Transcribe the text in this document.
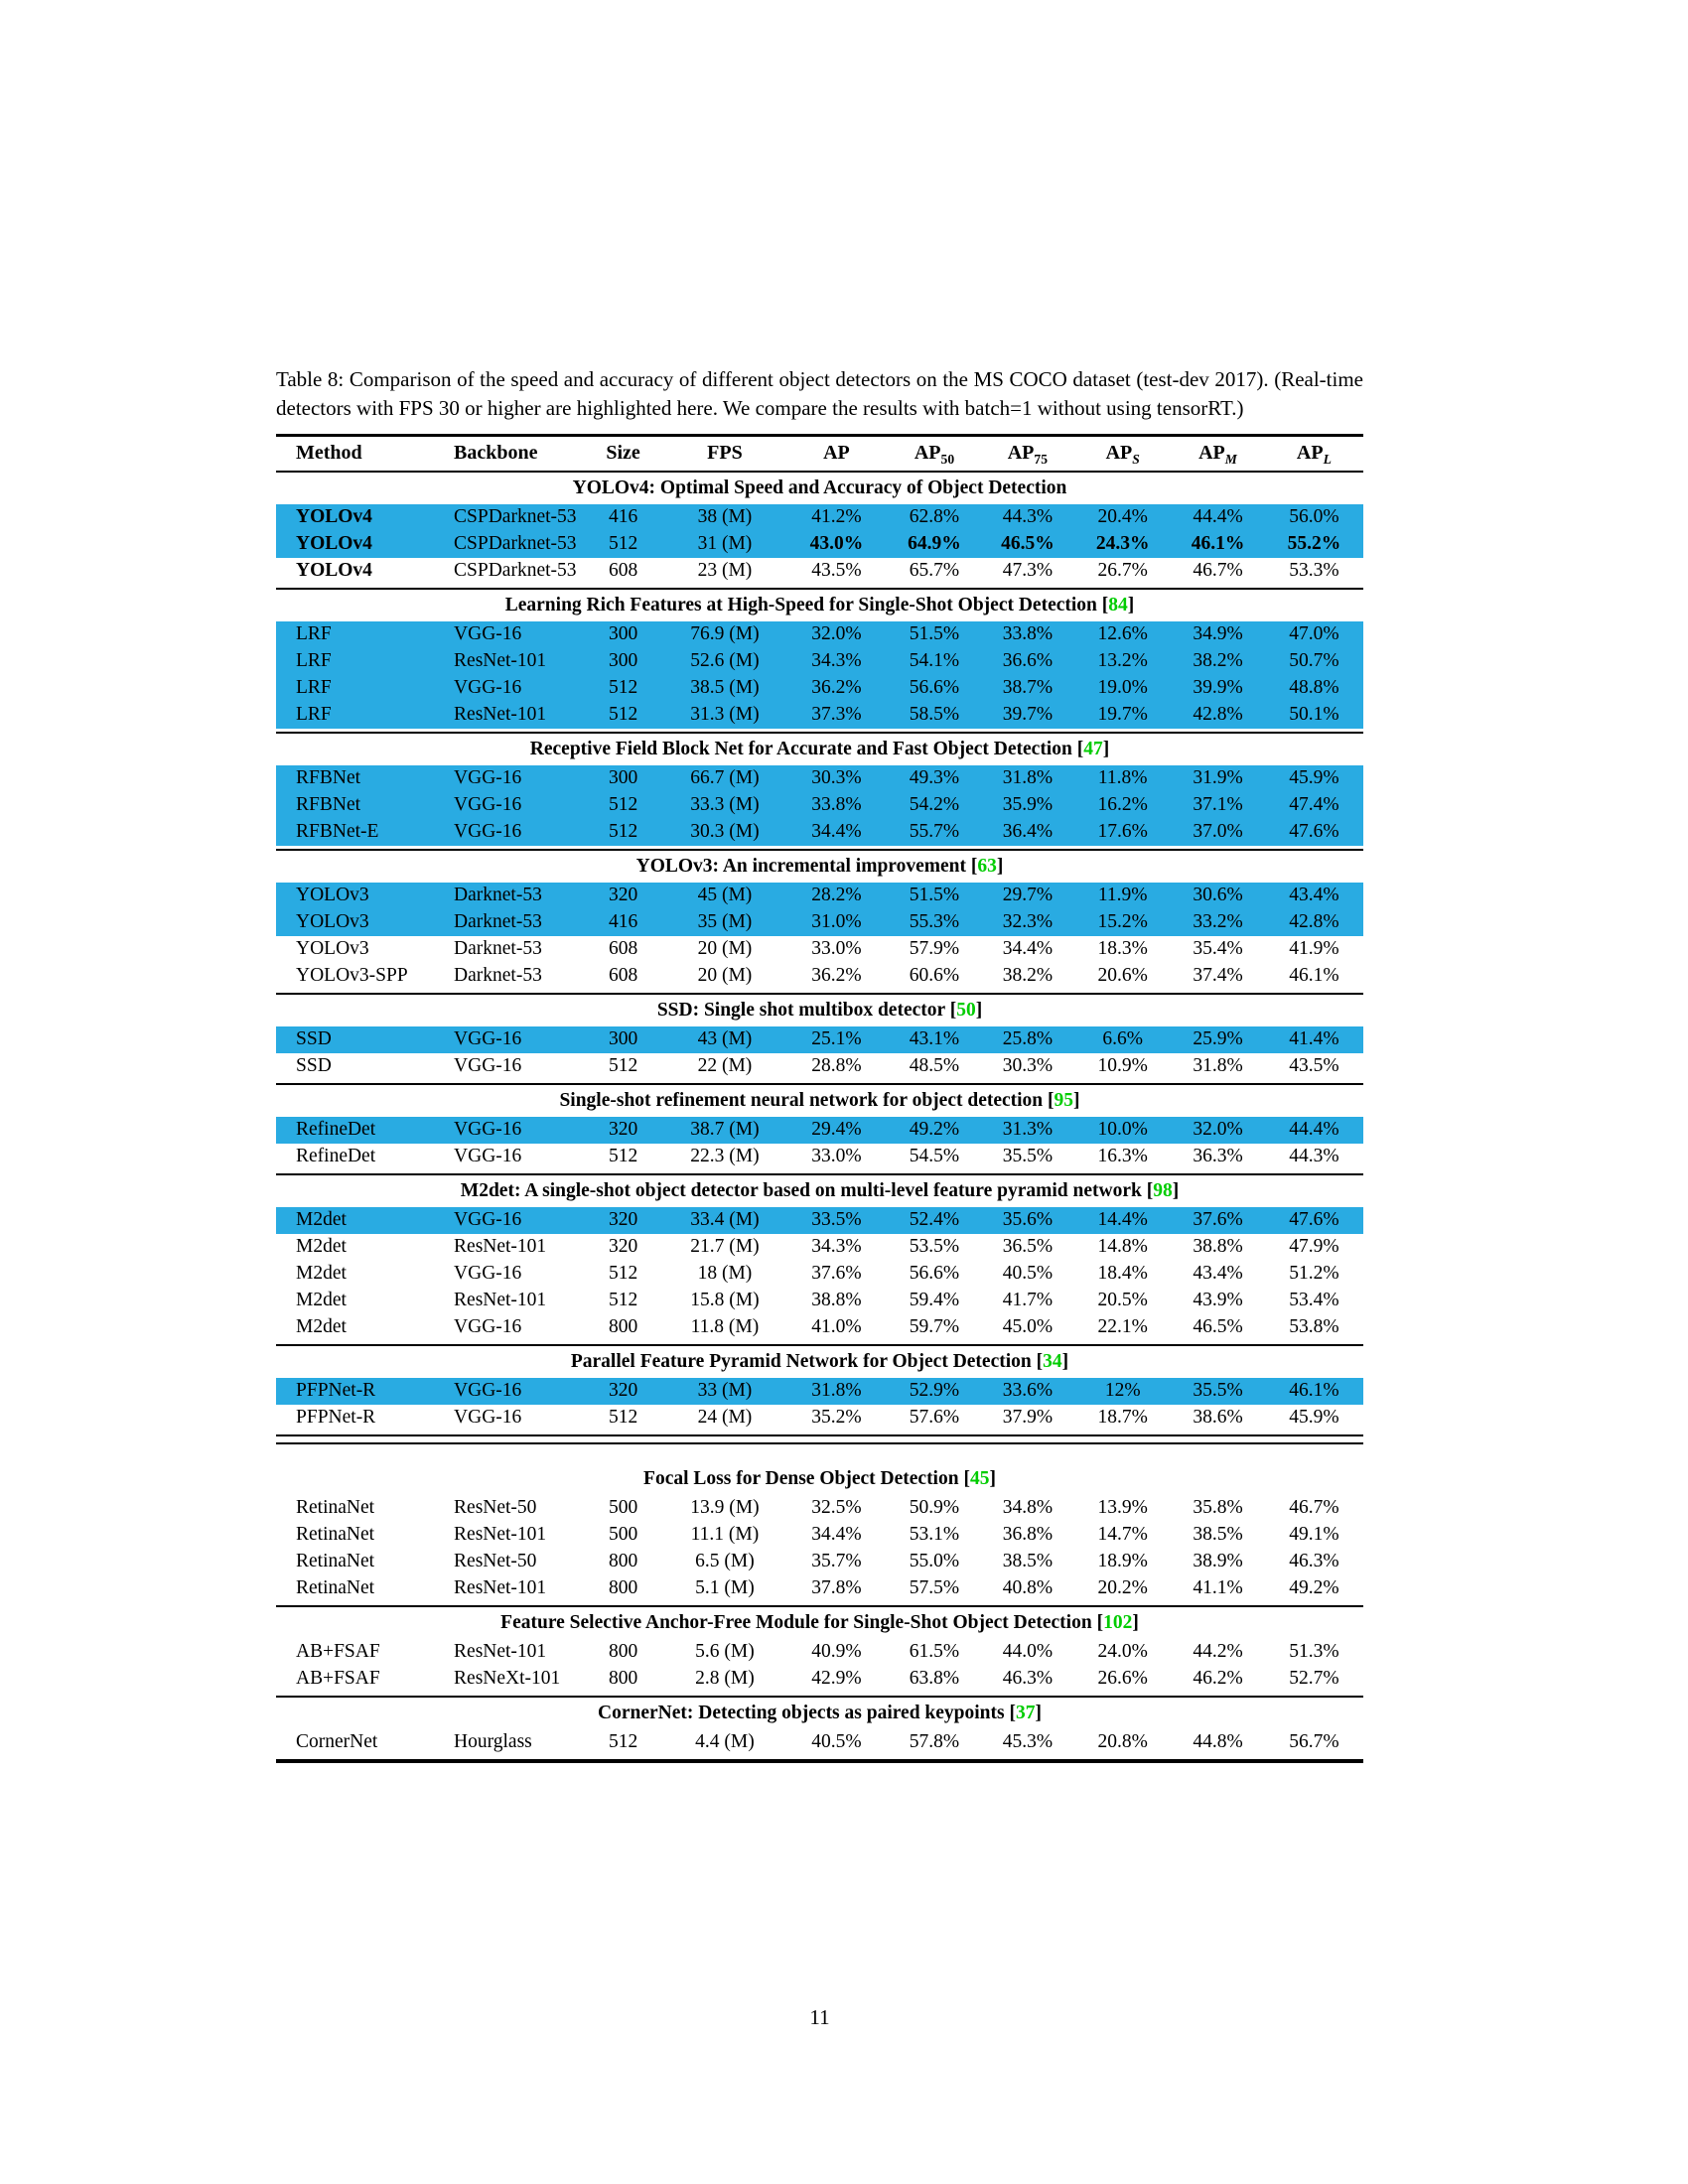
Table 8: Comparison of the speed and accuracy of different object detectors on the MS COCO dataset (test-dev 2017). (Real-time detectors with FPS 30 or higher are highlighted here. We compare the results with batch=1 without using tensorRT.)

Method	Backbone	Size	FPS	AP	$AP_{50}$	$AP_{75}$	$AP_S$	$AP_M$	$AP_L$
YOLOv4: Optimal Speed and Accuracy of Object Detection
YOLOv4	CSPDarknet-53	416	38 (M)	41.2%	62.8%	44.3%	20.4%	44.4%	56.0%
YOLOv4	CSPDarknet-53	512	31 (M)	43.0%	64.9%	46.5%	24.3%	46.1%	55.2%
YOLOv4	CSPDarknet-53	608	23 (M)	43.5%	65.7%	47.3%	26.7%	46.7%	53.3%
Learning Rich Features at High-Speed for Single-Shot Object Detection [84]
LRF	VGG-16	300	76.9 (M)	32.0%	51.5%	33.8%	12.6%	34.9%	47.0%
LRF	ResNet-101	300	52.6 (M)	34.3%	54.1%	36.6%	13.2%	38.2%	50.7%
LRF	VGG-16	512	38.5 (M)	36.2%	56.6%	38.7%	19.0%	39.9%	48.8%
LRF	ResNet-101	512	31.3 (M)	37.3%	58.5%	39.7%	19.7%	42.8%	50.1%
Receptive Field Block Net for Accurate and Fast Object Detection [47]
RFBNet	VGG-16	300	66.7 (M)	30.3%	49.3%	31.8%	11.8%	31.9%	45.9%
RFBNet	VGG-16	512	33.3 (M)	33.8%	54.2%	35.9%	16.2%	37.1%	47.4%
RFBNet-E	VGG-16	512	30.3 (M)	34.4%	55.7%	36.4%	17.6%	37.0%	47.6%
YOLOv3: An incremental improvement [63]
YOLOv3	Darknet-53	320	45 (M)	28.2%	51.5%	29.7%	11.9%	30.6%	43.4%
YOLOv3	Darknet-53	416	35 (M)	31.0%	55.3%	32.3%	15.2%	33.2%	42.8%
YOLOv3	Darknet-53	608	20 (M)	33.0%	57.9%	34.4%	18.3%	35.4%	41.9%
YOLOv3-SPP	Darknet-53	608	20 (M)	36.2%	60.6%	38.2%	20.6%	37.4%	46.1%
SSD: Single shot multibox detector [50]
SSD	VGG-16	300	43 (M)	25.1%	43.1%	25.8%	6.6%	25.9%	41.4%
SSD	VGG-16	512	22 (M)	28.8%	48.5%	30.3%	10.9%	31.8%	43.5%
Single-shot refinement neural network for object detection [95]
RefineDet	VGG-16	320	38.7 (M)	29.4%	49.2%	31.3%	10.0%	32.0%	44.4%
RefineDet	VGG-16	512	22.3 (M)	33.0%	54.5%	35.5%	16.3%	36.3%	44.3%
M2det: A single-shot object detector based on multi-level feature pyramid network [98]
M2det	VGG-16	320	33.4 (M)	33.5%	52.4%	35.6%	14.4%	37.6%	47.6%
M2det	ResNet-101	320	21.7 (M)	34.3%	53.5%	36.5%	14.8%	38.8%	47.9%
M2det	VGG-16	512	18 (M)	37.6%	56.6%	40.5%	18.4%	43.4%	51.2%
M2det	ResNet-101	512	15.8 (M)	38.8%	59.4%	41.7%	20.5%	43.9%	53.4%
M2det	VGG-16	800	11.8 (M)	41.0%	59.7%	45.0%	22.1%	46.5%	53.8%
Parallel Feature Pyramid Network for Object Detection [34]
PFPNet-R	VGG-16	320	33 (M)	31.8%	52.9%	33.6%	12%	35.5%	46.1%
PFPNet-R	VGG-16	512	24 (M)	35.2%	57.6%	37.9%	18.7%	38.6%	45.9%
Focal Loss for Dense Object Detection [45]
RetinaNet	ResNet-50	500	13.9 (M)	32.5%	50.9%	34.8%	13.9%	35.8%	46.7%
RetinaNet	ResNet-101	500	11.1 (M)	34.4%	53.1%	36.8%	14.7%	38.5%	49.1%
RetinaNet	ResNet-50	800	6.5 (M)	35.7%	55.0%	38.5%	18.9%	38.9%	46.3%
RetinaNet	ResNet-101	800	5.1 (M)	37.8%	57.5%	40.8%	20.2%	41.1%	49.2%
Feature Selective Anchor-Free Module for Single-Shot Object Detection [102]
AB+FSAF	ResNet-101	800	5.6 (M)	40.9%	61.5%	44.0%	24.0%	44.2%	51.3%
AB+FSAF	ResNeXt-101	800	2.8 (M)	42.9%	63.8%	46.3%	26.6%	46.2%	52.7%
CornerNet: Detecting objects as paired keypoints [37]
CornerNet	Hourglass	512	4.4 (M)	40.5%	57.8%	45.3%	20.8%	44.8%	56.7%
11
